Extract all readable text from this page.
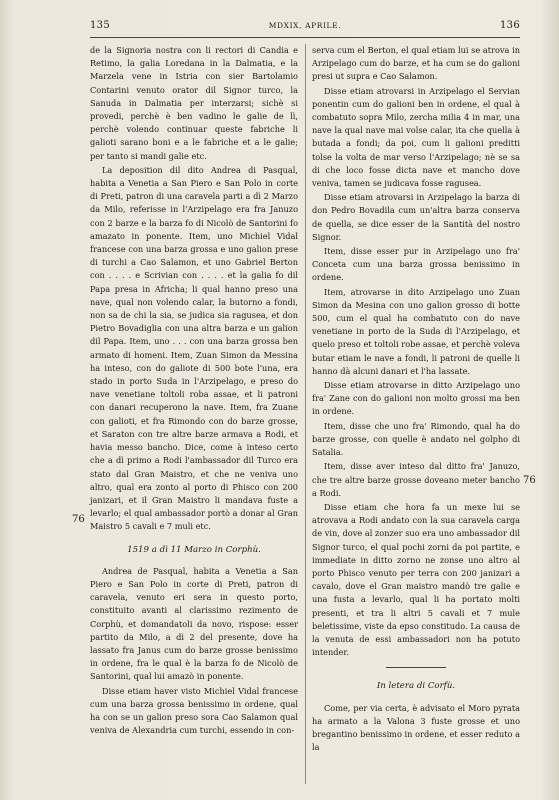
135	MDXIX, APRILE.	136
76
76

de la Signoria nostra con li rectori di Candia e Retimo, la galia Loredana in la Dalmatia, e la Marzela vene in Istria con sier Bartolamio Contarini venuto orator dil Signor turco, la Sanuda in Dalmatia per interzarsi; sichè si provedi, perchè è ben vadino le galie de lì, perchè volendo continuar queste fabriche li galioti sarano boni e a le fabriche et a le galie; per tanto si mandi galie etc.

La deposition dil dito Andrea di Pasqual, habita a Venetia a San Piero e San Polo in corte di Preti, patron di una caravela parti a dì 2 Marzo da Milo, referisse in l'Arzipelago era fra Januzo con 2 barze e la barza fo di Nicolò de Santorini fo amazato in ponente. Item, uno Michiel Vidal francese con una barza grossa e uno galion prese di turchi a Cao Salamon, et uno Gabriel Berton con . . . . e Scrivian con . . . . et la galia fo dil Papa presa in Africha; li qual hanno preso una nave, qual non volendo calar, la butorno a fondi, non sa de chi la sia, se judica sia ragusea, et don Pietro Bovadiglia con una altra barza e un galion dil Papa. Item, uno . . . con una barza grossa ben armato di homeni. Item, Zuan Simon da Messina ha inteso, con do galiote di 500 bote l'una, era stado in porto Suda in l'Arzipelago, e preso do nave venetiane toltoli roba assae, et li patroni con danari recuperono la nave. Item, fra Zuane con galioti, et fra Rimondo con do barze grosse, et Saraton con tre altre barze armava a Rodi, et havia messo bancho. Dice, come à inteso certo che a dì primo a Rodi l'ambassador dil Turco era stato dal Gran Maistro, et che ne veniva uno altro, qual era zonto al porto di Phisco con 200 janizari, et il Gran Maistro li mandava fuste a levarlo; el qual ambassador portò a donar al Gran Maistro 5 cavali e 7 muli etc.

1519 a dì 11 Marzo in Corphù.

Andrea de Pasqual, habita a Venetia a San Piero e San Polo in corte di Preti, patron di caravela, venuto eri sera in questo porto, constituito avanti al clarissimo rezimento de Corphù, et domandatoli da novo, rispose: esser partito da Milo, a dì 2 del presente, dove ha lassato fra Janus cum do barze grosse benissimo in ordene, fra le qual è la barza fo de Nicolò de Santorini, qual lui amazò in ponente.

Disse etiam haver visto Michiel Vidal francese cum una barza grossa benissimo in ordene, qual ha con se un galion preso sora Cao Salamon qual veniva de Alexandria cum turchi, essendo in con-

serva cum el Berton, el qual etiam lui se atrova in Arzipelago cum do barze, et ha cum se do galioni presi ut supra e Cao Salamon.

Disse etiam atrovarsi in Arzipelago el Servian ponentin cum do galioni ben in ordene, el qual à combatuto sopra Milo, zercha milia 4 in mar, una nave la qual nave mai volse calar, ita che quella à butada a fondi; da poi, cum li galioni preditti tolse la volta de mar verso l'Arzipelago; nè se sa di che loco fosse dicta nave et mancho dove veniva, tamen se judicava fosse ragusea.

Disse etiam atrovarsi in Arzipelago la barza di don Pedro Bovadila cum un'altra barza conserva de quella, se dice esser de la Santità del nostro Signor.

Item, disse esser pur in Arzipelago uno fra' Conceta cum una barza grossa benissimo in ordene.

Item, atrovarse in dito Arzipelago uno Zuan Simon da Mesina con uno galion grosso di botte 500, cum el qual ha combatuto con do nave venetiane in porto de la Suda di l'Arzipelago, et quelo preso et toltoli robe assae, et perchè voleva butar etiam le nave a fondi, li patroni de quelle li hanno dà alcuni danari et l'ha lassate.

Disse etiam atrovarse in ditto Arzipelago uno fra' Zane con do galioni non molto grossi ma ben in ordene.

Item, disse che uno fra' Rimondo, qual ha do barze grosse, con quelle è andato nel golpho di Satalia.

Item, disse aver inteso dal ditto fra' Januzo, che tre altre barze grosse doveano meter bancho a Rodi.

Disse etiam che hora fa un mexe lui se atrovava a Rodi andato con la sua caravela carga de vin, dove al zonzer suo era uno ambassador dil Signor turco, el qual pochi zorni da poi partite, e immediate in ditto zorno ne zonse uno altro al porto Phisco venuto per terra con 200 janizari a cavalo, dove el Gran maistro mandò tre galie e una fusta a levarlo, qual li ha portato molti presenti, et tra li altri 5 cavali et 7 mule beletissime, viste da epso constitudo. La causa de la venuta de essi ambassadori non ha potuto intender.

In letera di Corfù.

Come, per via certa, è advisato el Moro pyrata ha armato a la Valona 3 fuste grosse et uno bregantino benissimo in ordene, et esser reduto a la
